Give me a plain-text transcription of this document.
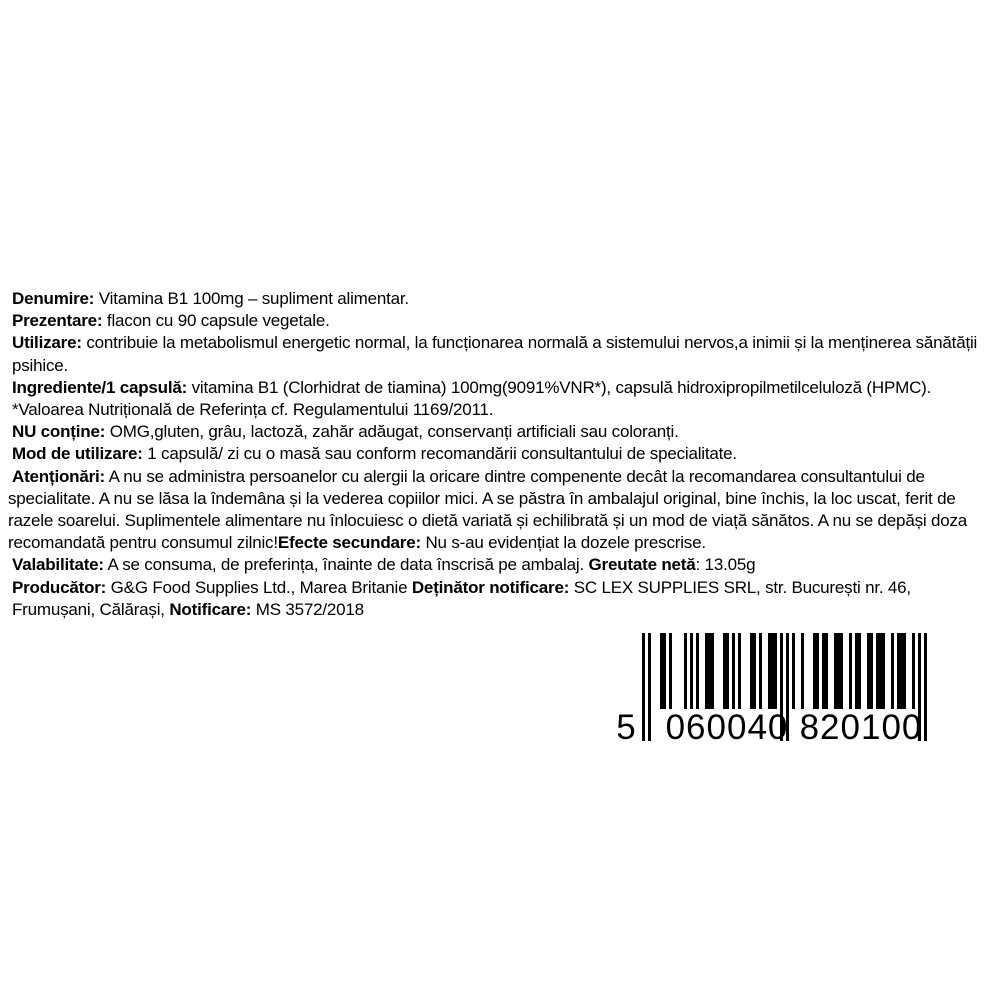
Denumire: Vitamina B1 100mg – supliment alimentar.

Prezentare: flacon cu 90 capsule vegetale.

Utilizare: contribuie la metabolismul energetic normal, la funcționarea normală a sistemului nervos,a inimii și la menținerea sănătății psihice.

Ingrediente/1 capsulă: vitamina B1 (Clorhidrat de tiamina) 100mg(9091%VNR*), capsulă hidroxipropilmetilceluloză (HPMC).

*Valoarea Nutrițională de Referința cf. Regulamentului 1169/2011.

NU conține: OMG,gluten, grâu, lactoză, zahăr adăugat, conservanți artificiali sau coloranți.

Mod de utilizare: 1 capsulă/ zi cu o masă sau conform recomandării consultantului de specialitate.

Atenționări: A nu se administra persoanelor cu alergii la oricare dintre compenente decât la recomandarea consultantului de specialitate. A nu se lăsa la îndemâna și la vederea copiilor mici. A se păstra în ambalajul original, bine închis, la loc uscat, ferit de razele soarelui. Suplimentele alimentare nu înlocuiesc o dietă variată și echilibrată și un mod de viață sănătos. A nu se depăși doza recomandată pentru consumul zilnic!Efecte secundare: Nu s-au evidențiat la dozele prescrise.

Valabilitate: A se consuma, de preferința, înainte de data înscrisă pe ambalaj. Greutate netă: 13.05g

Producător: G&G Food Supplies Ltd., Marea Britanie Deținător notificare: SC LEX SUPPLIES SRL, str. București nr. 46, Frumușani, Călărași, Notificare: MS 3572/2018

5 060040 820100
